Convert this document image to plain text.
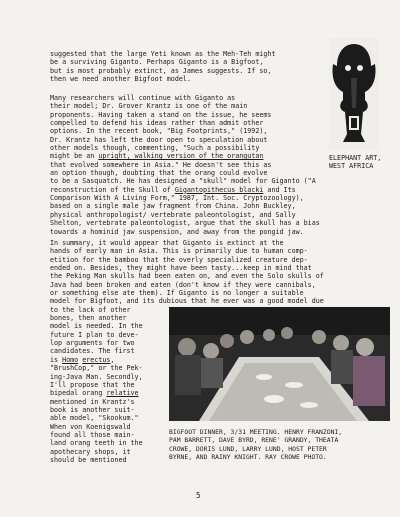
suggested that the large Yeti known as the Meh-Teh might
be a surviving Giganto. Perhaps Giganto is a Bigfoot,
but is most probably extinct, as James suggests. If so,
then we need another Bigfoot model.
Many researchers will continue with Giganto as
their model; Dr. Grover Krantz is one of the main
proponents. Having taken a stand on the issue, he seems
compelled to defend his ideas rather than admit other
options. In the recent book, "Big Footprints," (1992),
Dr. Krantz has left the door open to speculation about
other models though, commenting, "Such a possibility
might be an upright, walking version of the orangutan
that evolved somewhere in Asia." He doesn't see this as
an option though, doubting that the orang could evolve
to be a Sasquatch. He has designed a "skull" model for Giganto ("A
reconstruction of the Skull of Gigantopithecus blacki and Its
Comparison With A Living Form," 1987, Int. Soc. Cryptozoology),
based on a single male jaw fragment from China. John Buckley,
physical anthropologist/ vertebrate paleontologist, and Sally
Shelton, vertebrate paleontologist, argue that the skull has a bias
towards a hominid jaw suspension, and away from the pongid jaw.
ELEPHANT ART,
WEST AFRICA
In summary, it would appear that Giganto is extinct at the
hands of early man in Asia. This is primarily due to human comp-
etition for the bamboo that the overly specialized creature dep-
ended on. Besides, they might have been tasty...keep in mind that
the Peking Man skulls had been eaten on, and even the Solo skulls of
Java had been broken and eaten (don't know if they were cannibals,
or something else ate them). If Giganto is no longer a suitable
model for Bigfoot, and its dubious that he ever was a good model due
to the lack of other
bones, then another
model is needed. In the
future I plan to deve-
lop arguments for two
candidates. The first
is Homo erectus,
"BrushCop," or the Pek-
ing-Java Man. Secondly,
I'll propose that the
bipedal orang relative
mentioned in Krantz's
book is another suit-
able model, "Skookum."
When von Koenigswald
found all those main-
land orang teeth in the
apothecary shops, it
should be mentioned
BIGFOOT DINNER, 3/31 MEETING. HENRY FRANZONI,
PAM BARRETT, DAVE BYRD, RENE' GRANDY, THEATA
CROWE, DORIS LUND, LARRY LUND, HOST PETER
BYRNE, AND RAINY KNIGHT. RAY CROWE PHOTO.
5
